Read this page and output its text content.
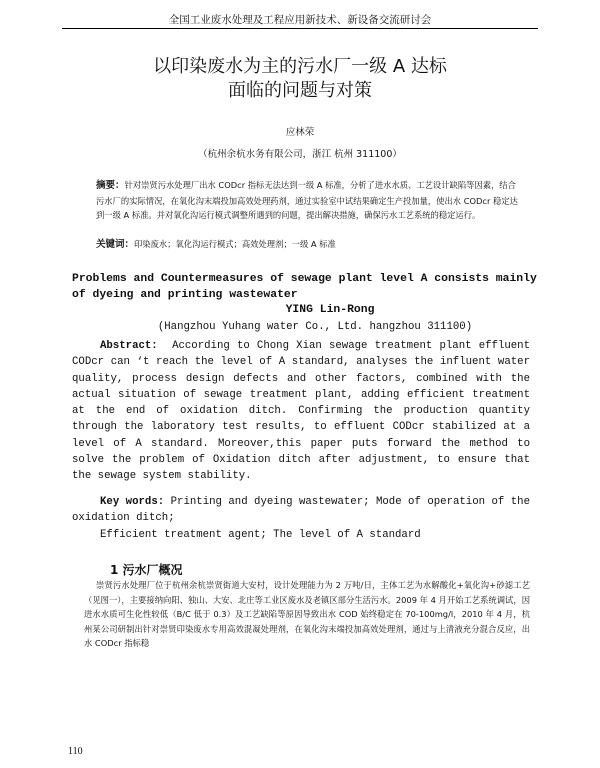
全国工业废水处理及工程应用新技术、新设备交流研讨会
以印染废水为主的污水厂一级 A 达标
面临的问题与对策
应林荣
（杭州余杭水务有限公司，浙江 杭州 311100）
摘要：针对崇贤污水处理厂出水 CODcr 指标无法达到一级 A 标准，分析了进水水质、工艺设计缺陷等因素，结合污水厂的实际情况，在氧化沟末端投加高效处理药剂，通过实验室中试结果确定生产投加量，使出水 CODcr 稳定达到一级 A 标准。并对氧化沟运行模式调整所遇到的问题，提出解决措施，确保污水工艺系统的稳定运行。
关键词：印染废水；氧化沟运行模式；高效处理剂；一级 A 标准
Problems and Countermeasures of sewage plant level A consists mainly of dyeing and printing wastewater
YING Lin-Rong
(Hangzhou Yuhang water Co., Ltd. hangzhou 311100)
Abstract: According to Chong Xian sewage treatment plant effluent CODcr can ‘t reach the level of A standard, analyses the influent water quality, process design defects and other factors, combined with the actual situation of sewage treatment plant, adding efficient treatment at the end of oxidation ditch. Confirming the production quantity through the laboratory test results, to effluent CODcr stabilized at a level of A standard. Moreover,this paper puts forward the method to solve the problem of Oxidation ditch after adjustment, to ensure that the sewage system stability.
Key words: Printing and dyeing wastewater; Mode of operation of the oxidation ditch;
Efficient treatment agent; The level of A standard
1 污水厂概况
崇贤污水处理厂位于杭州余杭崇贤街道大安村，设计处理能力为 2 万吨/日，主体工艺为水解酸化+氧化沟+砂滤工艺（见图一），主要接纳向阳、独山、大安、北庄等工业区废水及老镇区部分生活污水。2009 年 4 月开始工艺系统调试，因进水水质可生化性较低（B/C 低于 0.3）及工艺缺陷等原因导致出水 COD 始终稳定在 70-100mg/l，2010 年 4 月，杭州某公司研制出针对崇贤印染废水专用高效混凝处理剂，在氧化沟末端投加高效处理剂，通过与上清液充分混合反应，出水 CODcr 指标稳
110
